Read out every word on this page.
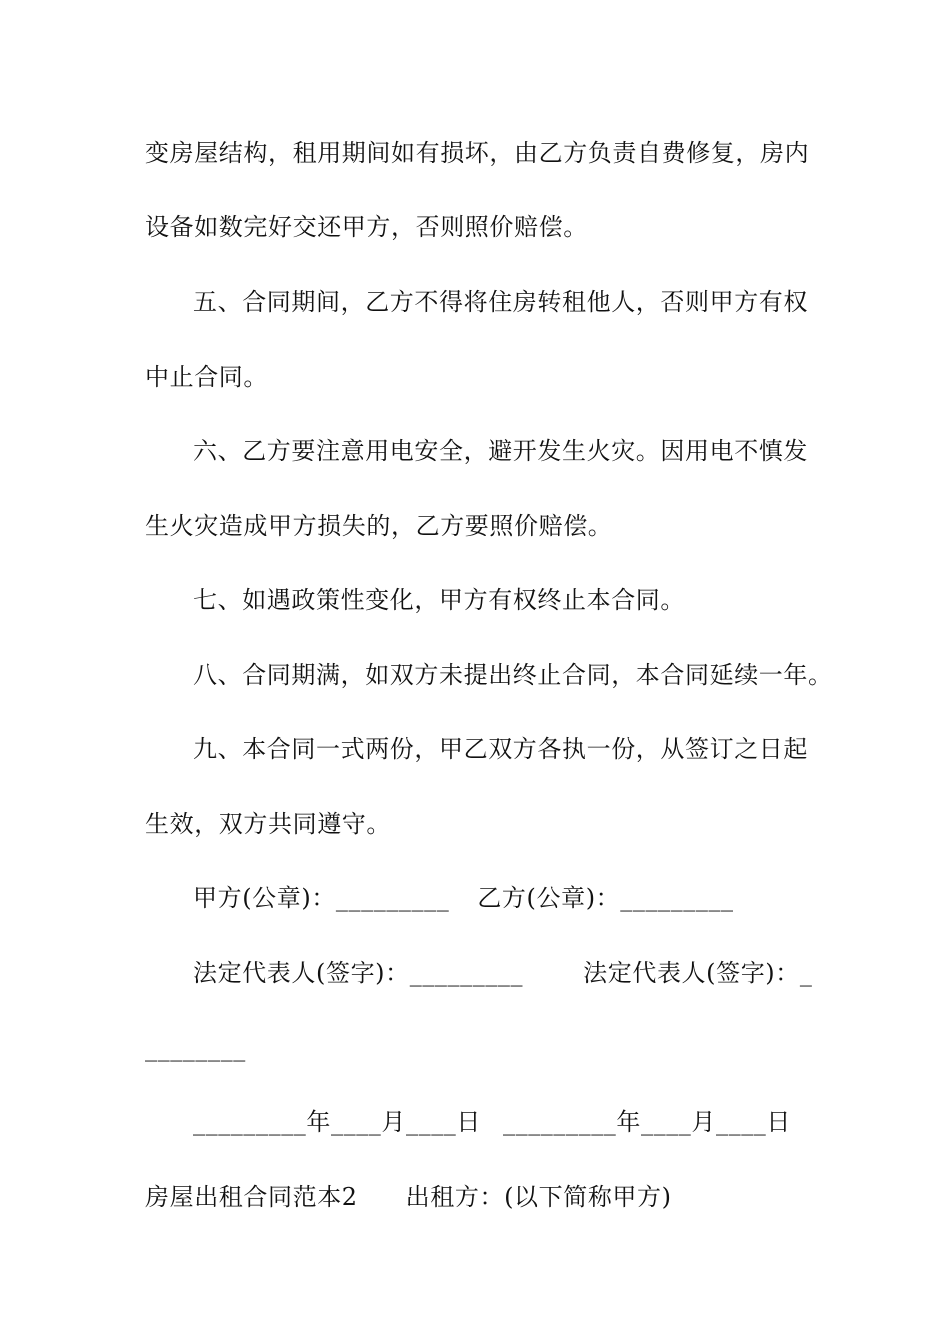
变房屋结构，租用期间如有损坏，由乙方负责自费修复，房内
设备如数完好交还甲方，否则照价赔偿。
五、合同期间，乙方不得将住房转租他人，否则甲方有权
中止合同。
六、乙方要注意用电安全，避开发生火灾。因用电不慎发
生火灾造成甲方损失的，乙方要照价赔偿。
七、如遇政策性变化，甲方有权终止本合同。
八、合同期满，如双方未提出终止合同，本合同延续一年。
九、本合同一式两份，甲乙双方各执一份，从签订之日起
生效，双方共同遵守。
甲方(公章)：_________ 乙方(公章)：_________
法定代表人(签字)：_________	法定代表人(签字)：_
________
_________年____月____日 _________年____月____日
房屋出租合同范本2 出租方：(以下简称甲方)
